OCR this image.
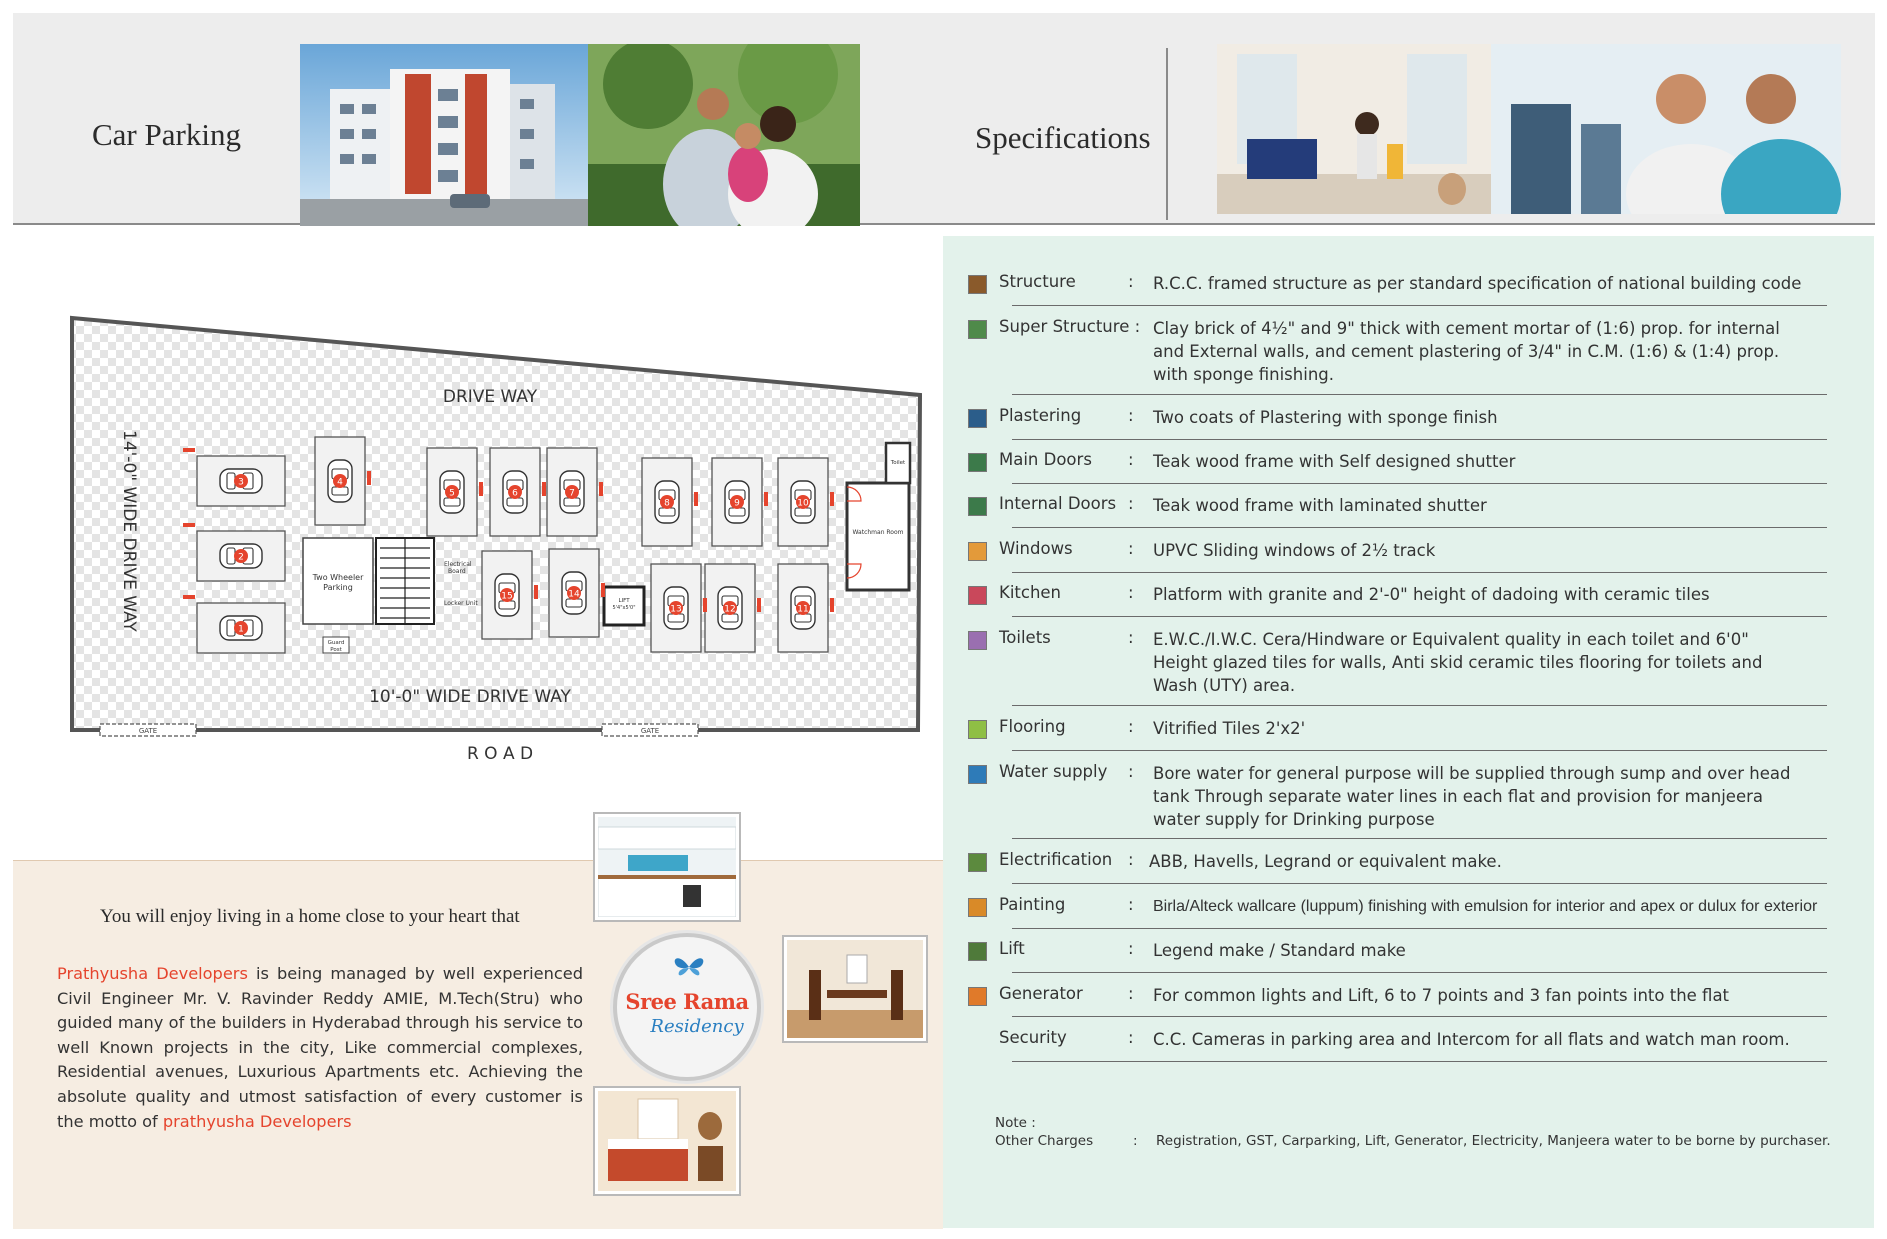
Car Parking	Specifications
GATE	GATE
DRIVE WAY
14'-0" WIDE DRIVE WAY
10'-0" WIDE DRIVE WAY
R O A D
Two Wheeler
Parking
Electrical
Board
Locker Unit
Guard
Post
LIFT
5'4"x5'0"
Watchman Room
Toilet
1
2
3	4
5	6	7
8	9	10
11
12
13
14
15
Note :
Other Charges	: Registration, GST, Carparking, Lift, Generator, Electricity, Manjeera water to be borne by purchaser.
You will enjoy living in a home close to your heart that
Prathyusha Developers is being managed by well experienced Civil Engineer Mr. V. Ravinder Reddy AMIE, M.Tech(Stru) who guided many of the builders in Hyderabad through his service to well Known projects in the city, Like commercial complexes, Residential avenues, Luxurious Apartments etc. Achieving the absolute quality and utmost satisfaction of every customer is the motto of prathyusha Developers
Sree Rama
Residency
Structure	: R.C.C. framed structure as per standard specification of national building code
Super Structure : Clay brick of 4½" and 9" thick with cement mortar of (1:6) prop. for internal and External walls, and cement plastering of 3/4" in C.M. (1:6) & (1:4) prop. with sponge finishing.
Plastering	: Two coats of Plastering with sponge finish
Main Doors : Teak wood frame with Self designed shutter
Internal Doors : Teak wood frame with laminated shutter
Windows	: UPVC Sliding windows of 2½ track
Kitchen	: Platform with granite and 2'-0" height of dadoing with ceramic tiles
Toilets	: E.W.C./I.W.C. Cera/Hindware or Equivalent quality in each toilet and 6'0" Height glazed tiles for walls, Anti skid ceramic tiles flooring for toilets and Wash (UTY) area.
Flooring	: Vitrified Tiles 2'x2'
Water supply : Bore water for general purpose will be supplied through sump and over head tank Through separate water lines in each flat and provision for manjeera water supply for Drinking purpose
Electrification : ABB, Havells, Legrand or equivalent make.
Painting	: Birla/Alteck wallcare (luppum) finishing with emulsion for interior and apex or dulux for exterior
Lift	: Legend make / Standard make
Generator	: For common lights and Lift, 6 to 7 points and 3 fan points into the flat
Security	: C.C. Cameras in parking area and Intercom for all flats and watch man room.
